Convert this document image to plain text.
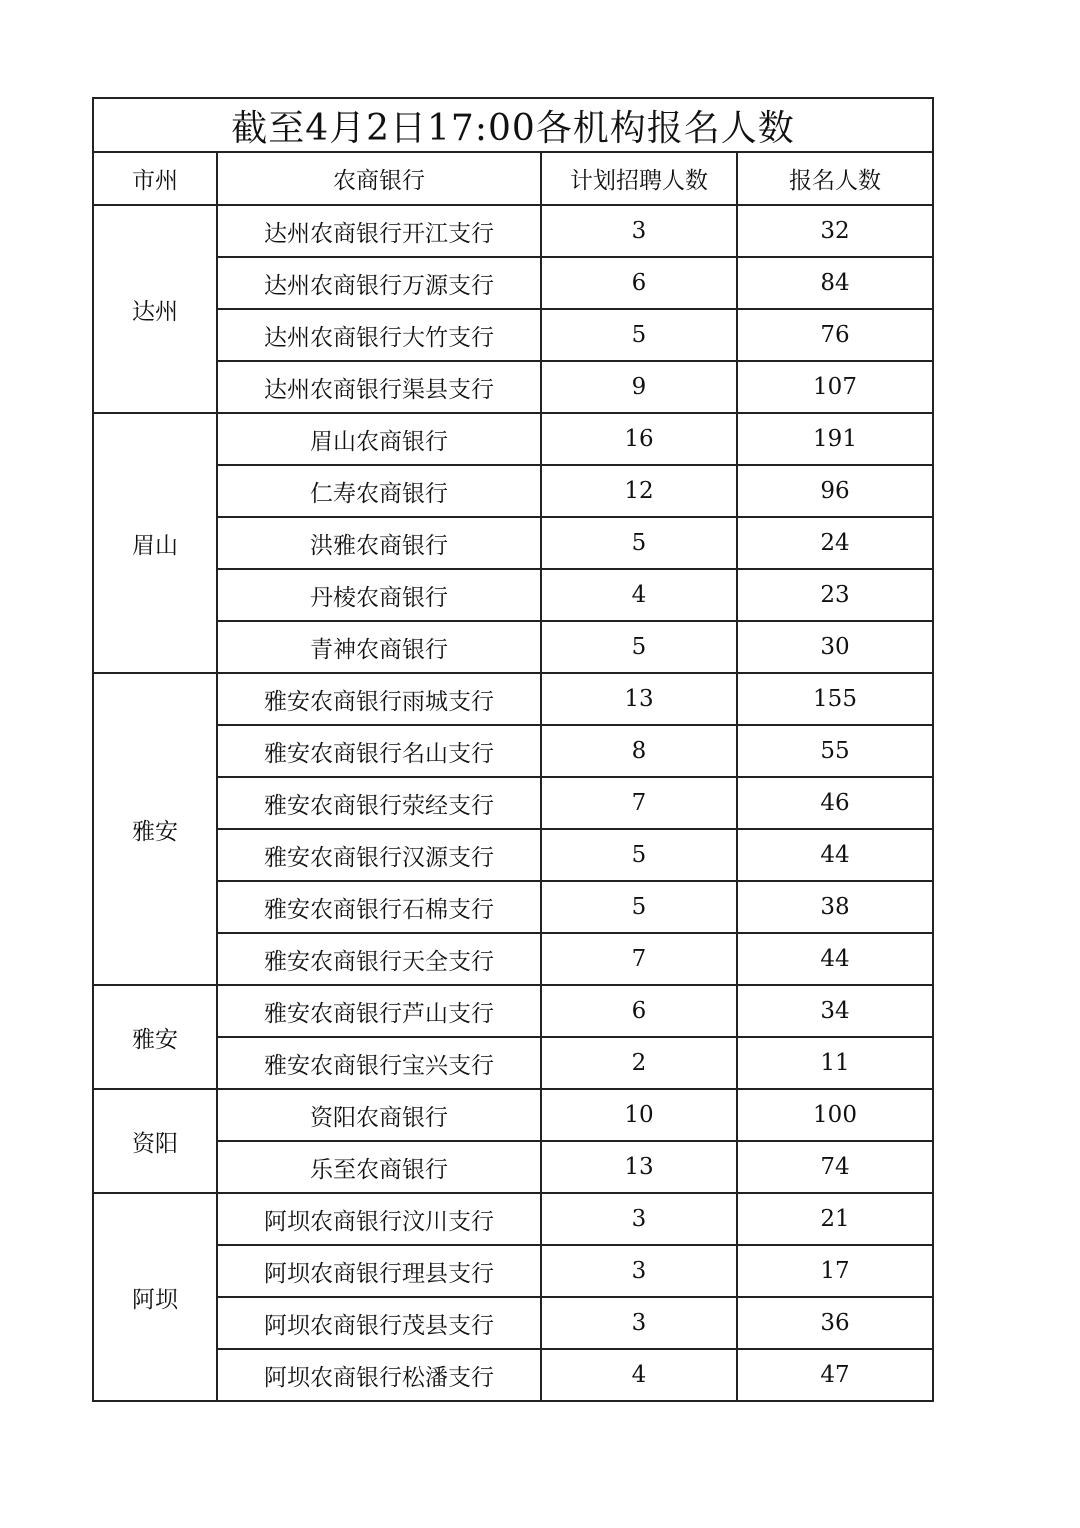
截至4月2日17:00各机构报名人数			
市州	农商银行	计划招聘人数	报名人数
达州	达州农商银行开江支行	3	32
	达州农商银行万源支行	6	84
	达州农商银行大竹支行	5	76
	达州农商银行渠县支行	9	107
眉山	眉山农商银行	16	191
	仁寿农商银行	12	96
	洪雅农商银行	5	24
	丹棱农商银行	4	23
	青神农商银行	5	30
雅安	雅安农商银行雨城支行	13	155
	雅安农商银行名山支行	8	55
	雅安农商银行荥经支行	7	46
	雅安农商银行汉源支行	5	44
	雅安农商银行石棉支行	5	38
	雅安农商银行天全支行	7	44
雅安	雅安农商银行芦山支行	6	34
	雅安农商银行宝兴支行	2	11
资阳	资阳农商银行	10	100
	乐至农商银行	13	74
阿坝	阿坝农商银行汶川支行	3	21
	阿坝农商银行理县支行	3	17
	阿坝农商银行茂县支行	3	36
	阿坝农商银行松潘支行	4	47
